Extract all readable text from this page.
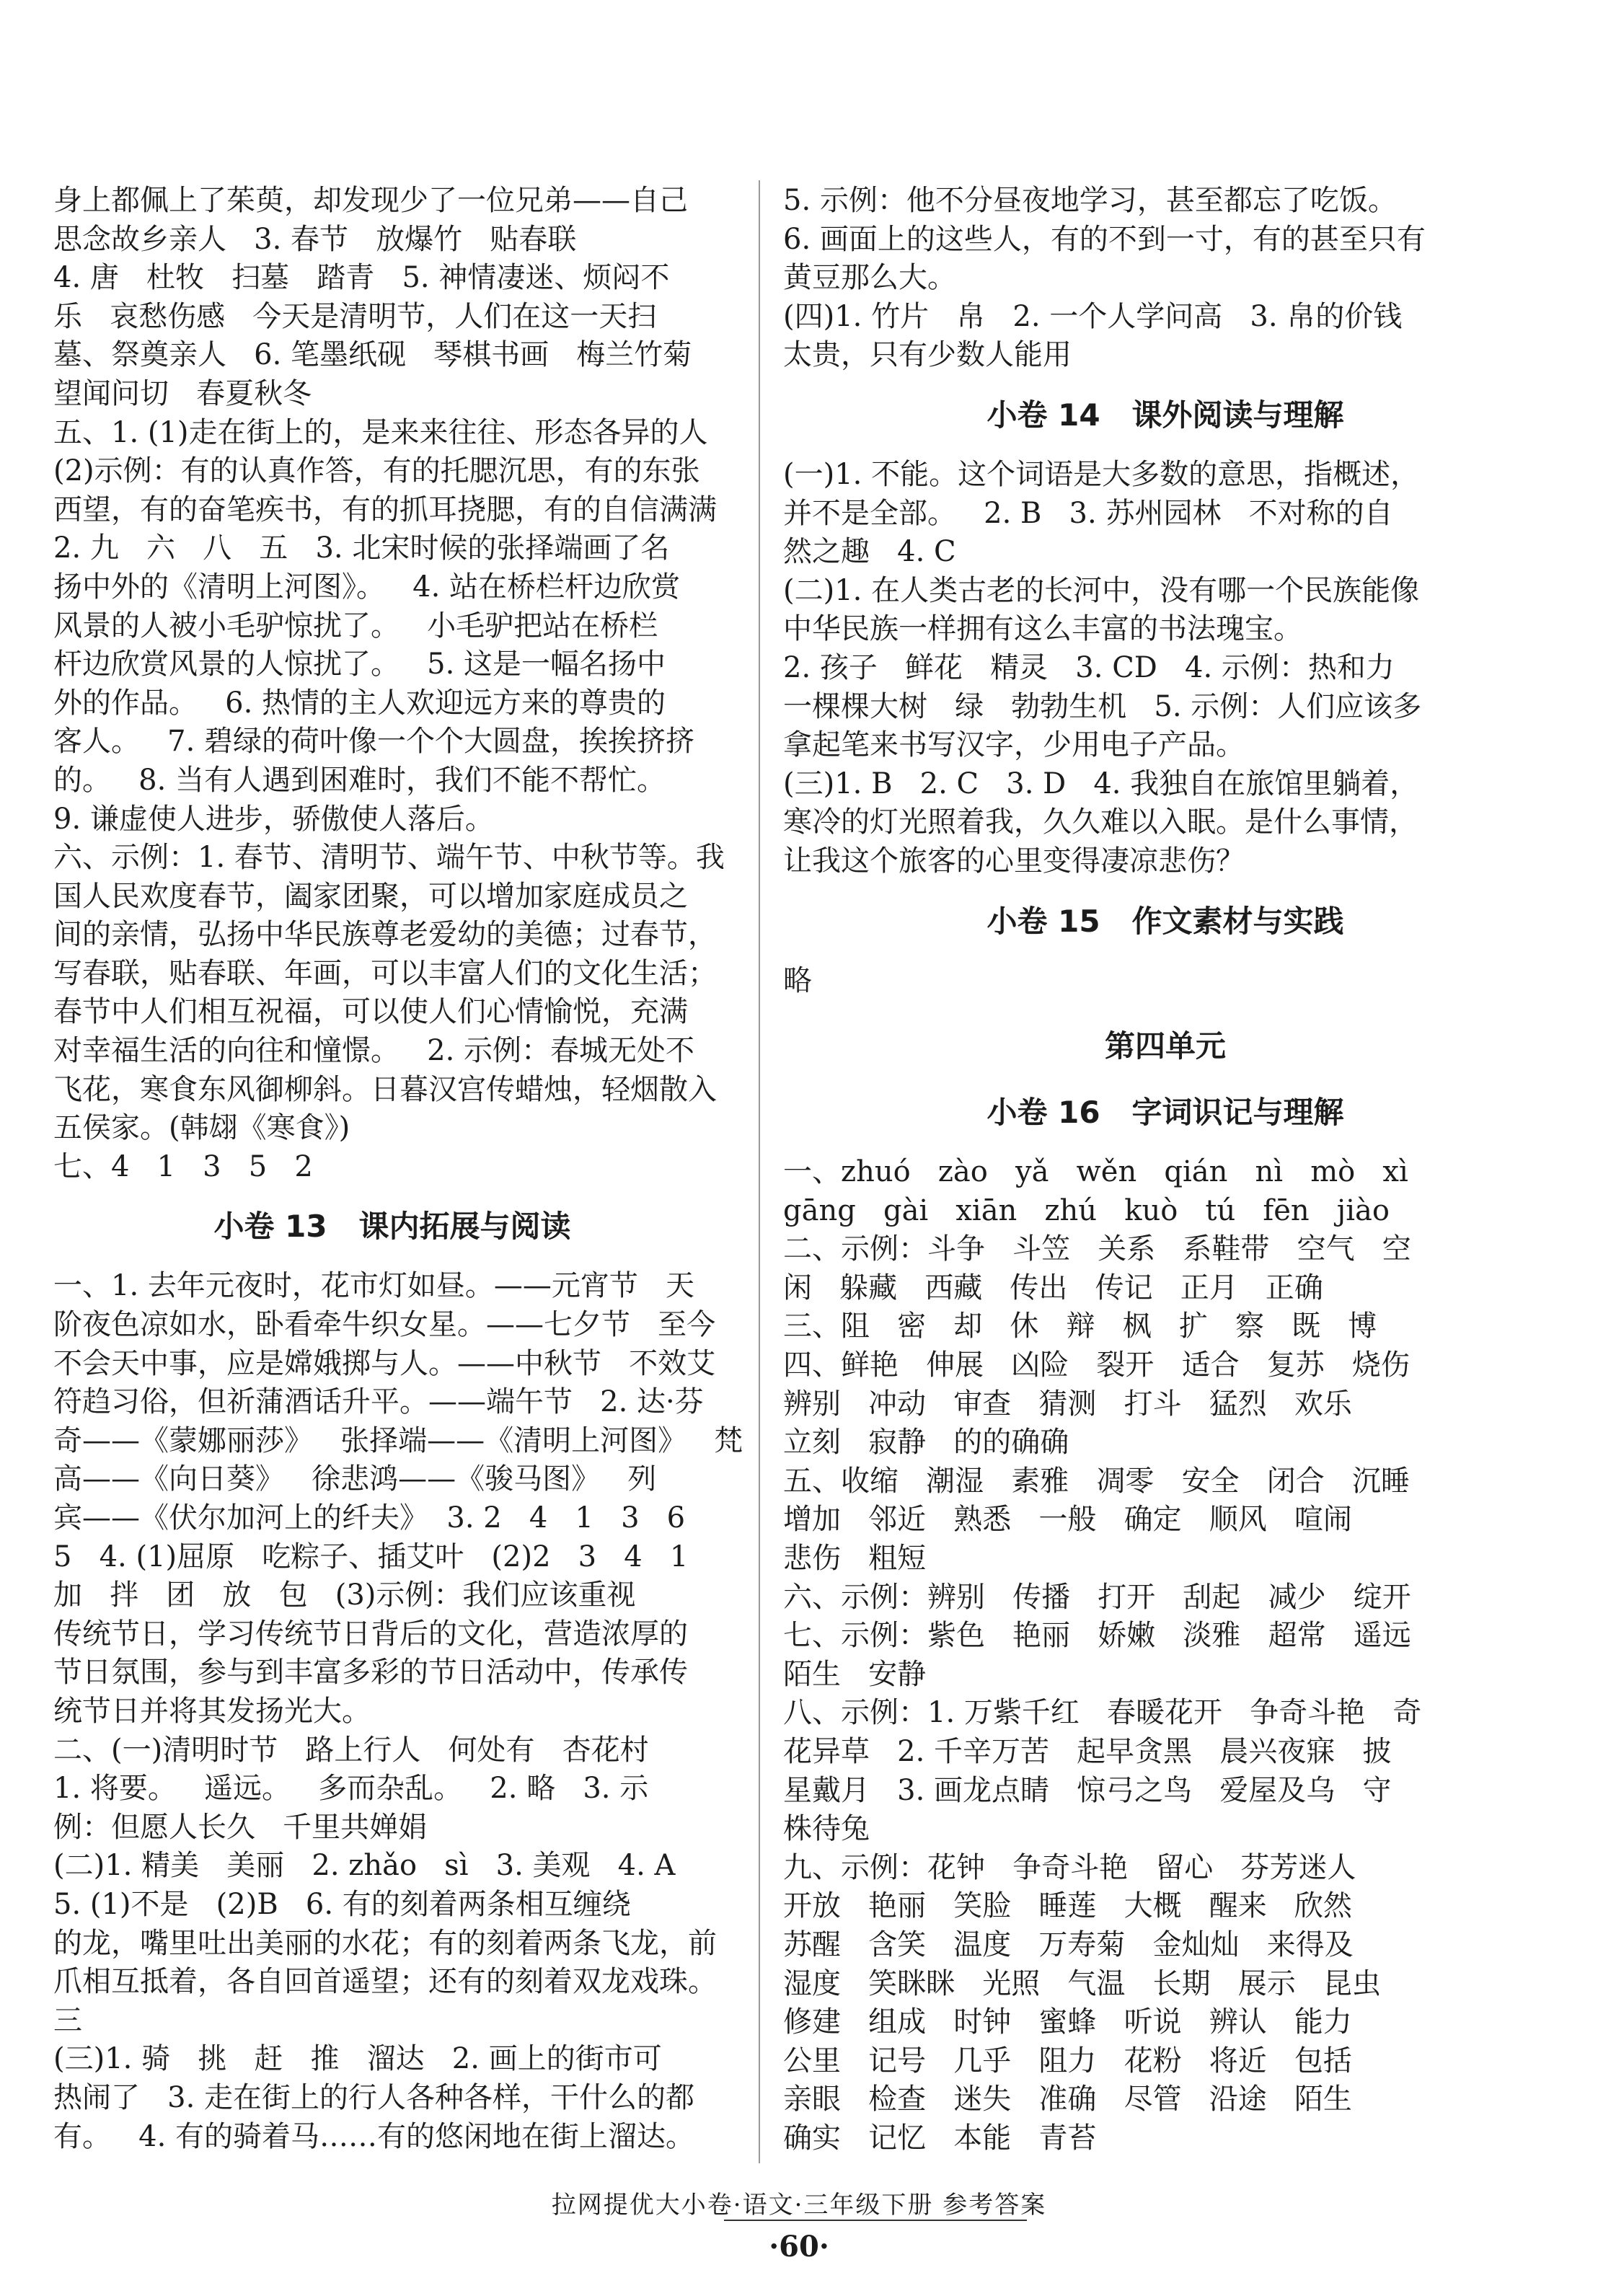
身上都佩上了茱萸，却发现少了一位兄弟——自己
思念故乡亲人   3. 春节   放爆竹   贴春联
4. 唐   杜牧   扫墓   踏青   5. 神情凄迷、烦闷不
乐   哀愁伤感   今天是清明节，人们在这一天扫
墓、祭奠亲人   6. 笔墨纸砚   琴棋书画   梅兰竹菊
望闻问切   春夏秋冬
五、1. (1)走在街上的，是来来往往、形态各异的人
(2)示例：有的认真作答，有的托腮沉思，有的东张
西望，有的奋笔疾书，有的抓耳挠腮，有的自信满满
2. 九   六   八   五   3. 北宋时候的张择端画了名
扬中外的《清明上河图》。   4. 站在桥栏杆边欣赏
风景的人被小毛驴惊扰了。   小毛驴把站在桥栏
杆边欣赏风景的人惊扰了。   5. 这是一幅名扬中
外的作品。   6. 热情的主人欢迎远方来的尊贵的
客人。   7. 碧绿的荷叶像一个个大圆盘，挨挨挤挤
的。   8. 当有人遇到困难时，我们不能不帮忙。
9. 谦虚使人进步，骄傲使人落后。
六、示例：1. 春节、清明节、端午节、中秋节等。我
国人民欢度春节，阖家团聚，可以增加家庭成员之
间的亲情，弘扬中华民族尊老爱幼的美德；过春节，
写春联，贴春联、年画，可以丰富人们的文化生活；
春节中人们相互祝福，可以使人们心情愉悦，充满
对幸福生活的向往和憧憬。   2. 示例：春城无处不
飞花，寒食东风御柳斜。日暮汉宫传蜡烛，轻烟散入
五侯家。(韩翃《寒食》)
七、4   1   3   5   2
小卷 13   课内拓展与阅读
一、1. 去年元夜时，花市灯如昼。——元宵节   天
阶夜色凉如水，卧看牵牛织女星。——七夕节   至今
不会天中事，应是嫦娥掷与人。——中秋节   不效艾
符趋习俗，但祈蒲酒话升平。——端午节   2. 达·芬
奇——《蒙娜丽莎》   张择端——《清明上河图》   梵
高——《向日葵》   徐悲鸿——《骏马图》   列
宾——《伏尔加河上的纤夫》  3. 2   4   1   3   6
5   4. (1)屈原   吃粽子、插艾叶   (2)2   3   4   1
加   拌   团   放   包   (3)示例：我们应该重视
传统节日，学习传统节日背后的文化，营造浓厚的
节日氛围，参与到丰富多彩的节日活动中，传承传
统节日并将其发扬光大。
二、(一)清明时节   路上行人   何处有   杏花村
1. 将要。   遥远。   多而杂乱。   2. 略   3. 示
例：但愿人长久   千里共婵娟
(二)1. 精美   美丽   2. zhǎo   sì   3. 美观   4. A
5. (1)不是   (2)B   6. 有的刻着两条相互缠绕
的龙，嘴里吐出美丽的水花；有的刻着两条飞龙，前
爪相互抵着，各自回首遥望；还有的刻着双龙戏珠。
三
(三)1. 骑   挑   赶   推   溜达   2. 画上的街市可
热闹了   3. 走在街上的行人各种各样，干什么的都
有。   4. 有的骑着马……有的悠闲地在街上溜达。
5. 示例：他不分昼夜地学习，甚至都忘了吃饭。
6. 画面上的这些人，有的不到一寸，有的甚至只有
黄豆那么大。
(四)1. 竹片   帛   2. 一个人学问高   3. 帛的价钱
太贵，只有少数人能用
小卷 14   课外阅读与理解
(一)1. 不能。这个词语是大多数的意思，指概述，
并不是全部。   2. B   3. 苏州园林   不对称的自
然之趣   4. C
(二)1. 在人类古老的长河中，没有哪一个民族能像
中华民族一样拥有这么丰富的书法瑰宝。
2. 孩子   鲜花   精灵   3. CD   4. 示例：热和力
一棵棵大树   绿   勃勃生机   5. 示例：人们应该多
拿起笔来书写汉字，少用电子产品。
(三)1. B   2. C   3. D   4. 我独自在旅馆里躺着，
寒冷的灯光照着我，久久难以入眠。是什么事情，
让我这个旅客的心里变得凄凉悲伤？
小卷 15   作文素材与实践
略
第四单元
小卷 16   字词识记与理解
一、zhuó   zào   yǎ   wěn   qián   nì   mò   xì
gāng   gài   xiān   zhú   kuò   tú   fēn   jiào
二、示例：斗争   斗笠   关系   系鞋带   空气   空
闲   躲藏   西藏   传出   传记   正月   正确
三、阻   密   却   休   辩   枫   扩   察   既   博
四、鲜艳   伸展   凶险   裂开   适合   复苏   烧伤
辨别   冲动   审查   猜测   打斗   猛烈   欢乐
立刻   寂静   的的确确
五、收缩   潮湿   素雅   凋零   安全   闭合   沉睡
增加   邻近   熟悉   一般   确定   顺风   喧闹
悲伤   粗短
六、示例：辨别   传播   打开   刮起   减少   绽开
七、示例：紫色   艳丽   娇嫩   淡雅   超常   遥远
陌生   安静
八、示例：1. 万紫千红   春暖花开   争奇斗艳   奇
花异草   2. 千辛万苦   起早贪黑   晨兴夜寐   披
星戴月   3. 画龙点睛   惊弓之鸟   爱屋及乌   守
株待兔
九、示例：花钟   争奇斗艳   留心   芬芳迷人
开放   艳丽   笑脸   睡莲   大概   醒来   欣然
苏醒   含笑   温度   万寿菊   金灿灿   来得及
湿度   笑眯眯   光照   气温   长期   展示   昆虫
修建   组成   时钟   蜜蜂   听说   辨认   能力
公里   记号   几乎   阻力   花粉   将近   包括
亲眼   检查   迷失   准确   尽管   沿途   陌生
确实   记忆   本能   青苔
拉网提优大小卷·语文·三年级下册 参考答案
·60·
